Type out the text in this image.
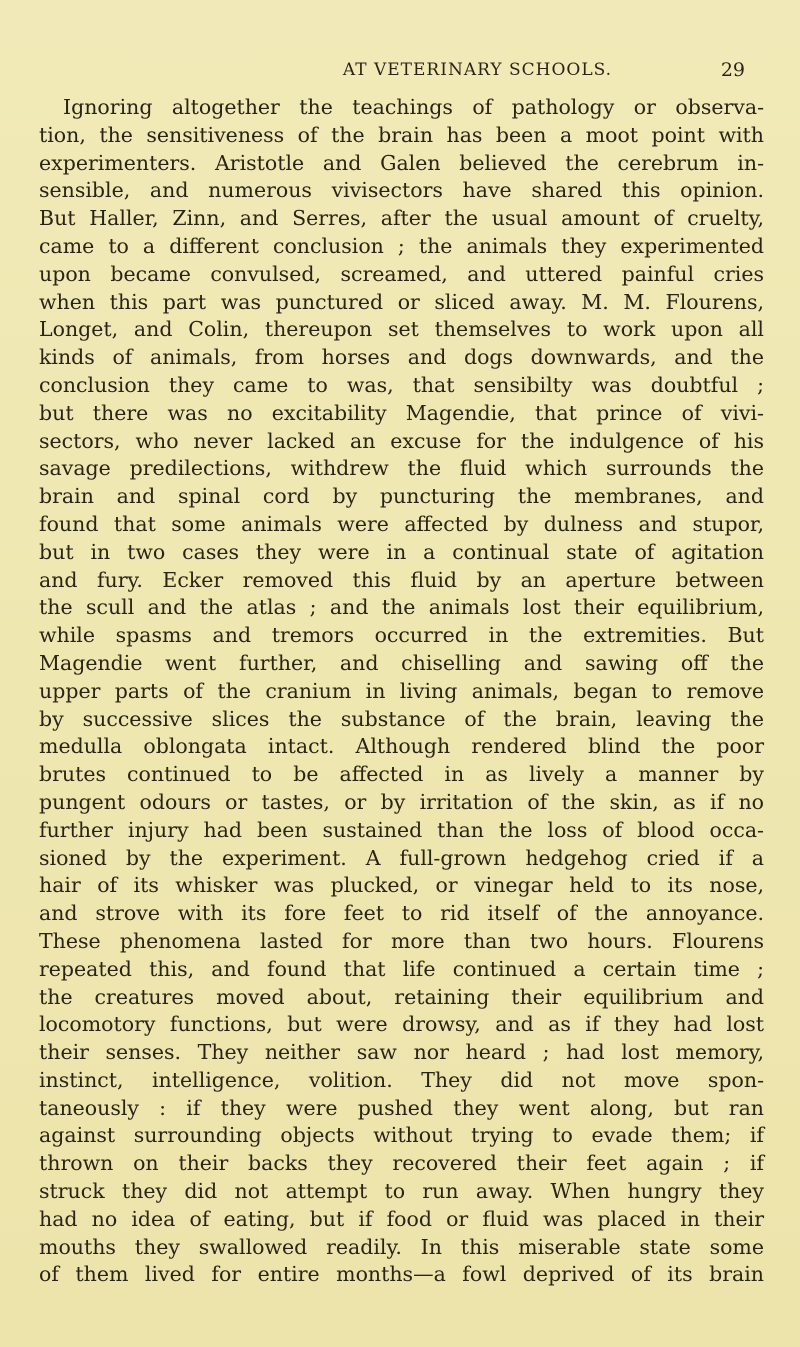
AT VETERINARY SCHOOLS.	29
Ignoring altogether the teachings of pathology or observa-
tion, the sensitiveness of the brain has been a moot point with
experimenters. Aristotle and Galen believed the cerebrum in-
sensible, and numerous vivisectors have shared this opinion.
But Haller, Zinn, and Serres, after the usual amount of cruelty,
came to a different conclusion ; the animals they experimented
upon became convulsed, screamed, and uttered painful cries
when this part was punctured or sliced away. M. M. Flourens,
Longet, and Colin, thereupon set themselves to work upon all
kinds of animals, from horses and dogs downwards, and the
conclusion they came to was, that sensibilty was doubtful ;
but there was no excitability Magendie, that prince of vivi-
sectors, who never lacked an excuse for the indulgence of his
savage predilections, withdrew the fluid which surrounds the
brain and spinal cord by puncturing the membranes, and
found that some animals were affected by dulness and stupor,
but in two cases they were in a continual state of agitation
and fury. Ecker removed this fluid by an aperture between
the scull and the atlas ; and the animals lost their equilibrium,
while spasms and tremors occurred in the extremities. But
Magendie went further, and chiselling and sawing off the
upper parts of the cranium in living animals, began to remove
by successive slices the substance of the brain, leaving the
medulla oblongata intact. Although rendered blind the poor
brutes continued to be affected in as lively a manner by
pungent odours or tastes, or by irritation of the skin, as if no
further injury had been sustained than the loss of blood occa-
sioned by the experiment. A full-grown hedgehog cried if a
hair of its whisker was plucked, or vinegar held to its nose,
and strove with its fore feet to rid itself of the annoyance.
These phenomena lasted for more than two hours. Flourens
repeated this, and found that life continued a certain time ;
the creatures moved about, retaining their equilibrium and
locomotory functions, but were drowsy, and as if they had lost
their senses. They neither saw nor heard ; had lost memory,
instinct, intelligence, volition. They did not move spon-
taneously : if they were pushed they went along, but ran
against surrounding objects without trying to evade them; if
thrown on their backs they recovered their feet again ; if
struck they did not attempt to run away. When hungry they
had no idea of eating, but if food or fluid was placed in their
mouths they swallowed readily. In this miserable state some
of them lived for entire months—a fowl deprived of its brain
